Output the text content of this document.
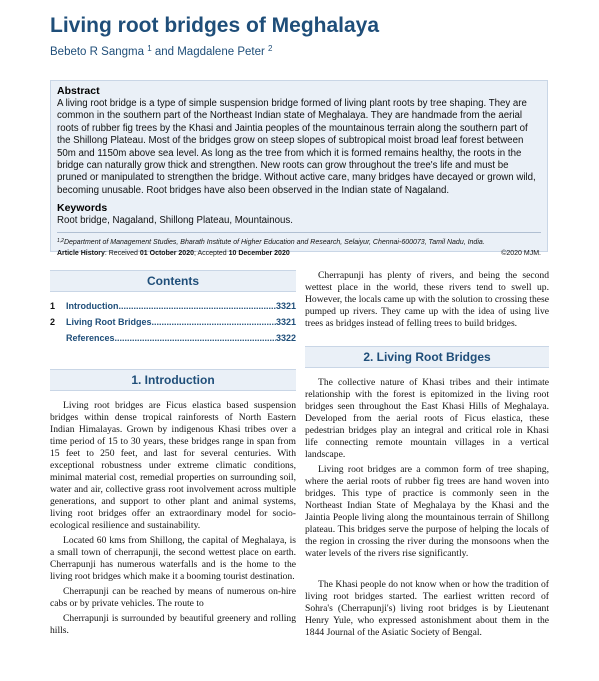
Living root bridges of Meghalaya
Bebeto R Sangma $^1$ and Magdalene Peter $^2$
Abstract

A living root bridge is a type of simple suspension bridge formed of living plant roots by tree shaping. They are common in the southern part of the Northeast Indian state of Meghalaya. They are handmade from the aerial roots of rubber fig trees by the Khasi and Jaintia peoples of the mountainous terrain along the southern part of the Shillong Plateau. Most of the bridges grow on steep slopes of subtropical moist broad leaf forest between 50m and 1150m above sea level. As long as the tree from which it is formed remains healthy, the roots in the bridge can naturally grow thick and strengthen. New roots can grow throughout the tree's life and must be pruned or manipulated to strengthen the bridge. Without active care, many bridges have decayed or grown wild, becoming unusable. Root bridges have also been observed in the Indian state of Nagaland.

Keywords

Root bridge, Nagaland, Shillong Plateau, Mountainous.

$^{1,2}$Department of Management Studies, Bharath Institute of Higher Education and Research, Selaiyur, Chennai-600073, Tamil Nadu, India.
Article History: Received 01 October 2020; Accepted 10 December 2020	©2020 MJM.
Contents
1	Introduction .....	3321
2	Living Root Bridges .....	3321
References .....	3322
1. Introduction

Living root bridges are Ficus elastica based suspension bridges within dense tropical rainforests of North Eastern Indian Himalayas. Grown by indigenous Khasi tribes over a time period of 15 to 30 years, these bridges range in span from 15 feet to 250 feet, and last for several centuries. With exceptional robustness under extreme climatic conditions, minimal material cost, remedial properties on surrounding soil, water and air, collective grass root involvement across multiple generations, and support to other plant and animal systems, living root bridges offer an extraordinary model for socio-ecological resilience and sustainability.

Located 60 kms from Shillong, the capital of Meghalaya, is a small town of cherrapunji, the second wettest place on earth. Cherrapunji has numerous waterfalls and is the home to the living root bridges which make it a booming tourist destination.

Cherrapunji can be reached by means of numerous on-hire cabs or by private vehicles. The route to

Cherrapunji is surrounded by beautiful greenery and rolling hills.

Cherrapunji has plenty of rivers, and being the second wettest place in the world, these rivers tend to swell up. However, the locals came up with the solution to crossing these pumped up rivers. They came up with the idea of using live trees as bridges instead of felling trees to build bridges.

2. Living Root Bridges

The collective nature of Khasi tribes and their intimate relationship with the forest is epitomized in the living root bridges seen throughout the East Khasi Hills of Meghalaya. Developed from the aerial roots of Ficus elastica, these pedestrian bridges play an integral and critical role in Khasi life connecting remote mountain villages in a vertical landscape.

Living root bridges are a common form of tree shaping, where the aerial roots of rubber fig trees are hand woven into bridges. This type of practice is commonly seen in the Northeast Indian State of Meghalaya by the Khasi and the Jaintia People living along the mountainous terrain of Shillong plateau. This bridges serve the purpose of helping the locals of the region in crossing the river during the monsoons when the water levels of the rivers rise significantly.

The Khasi people do not know when or how the tradition of living root bridges started. The earliest written record of Sohra's (Cherrapunji's) living root bridges is by Lieutenant Henry Yule, who expressed astonishment about them in the 1844 Journal of the Asiatic Society of Bengal.
